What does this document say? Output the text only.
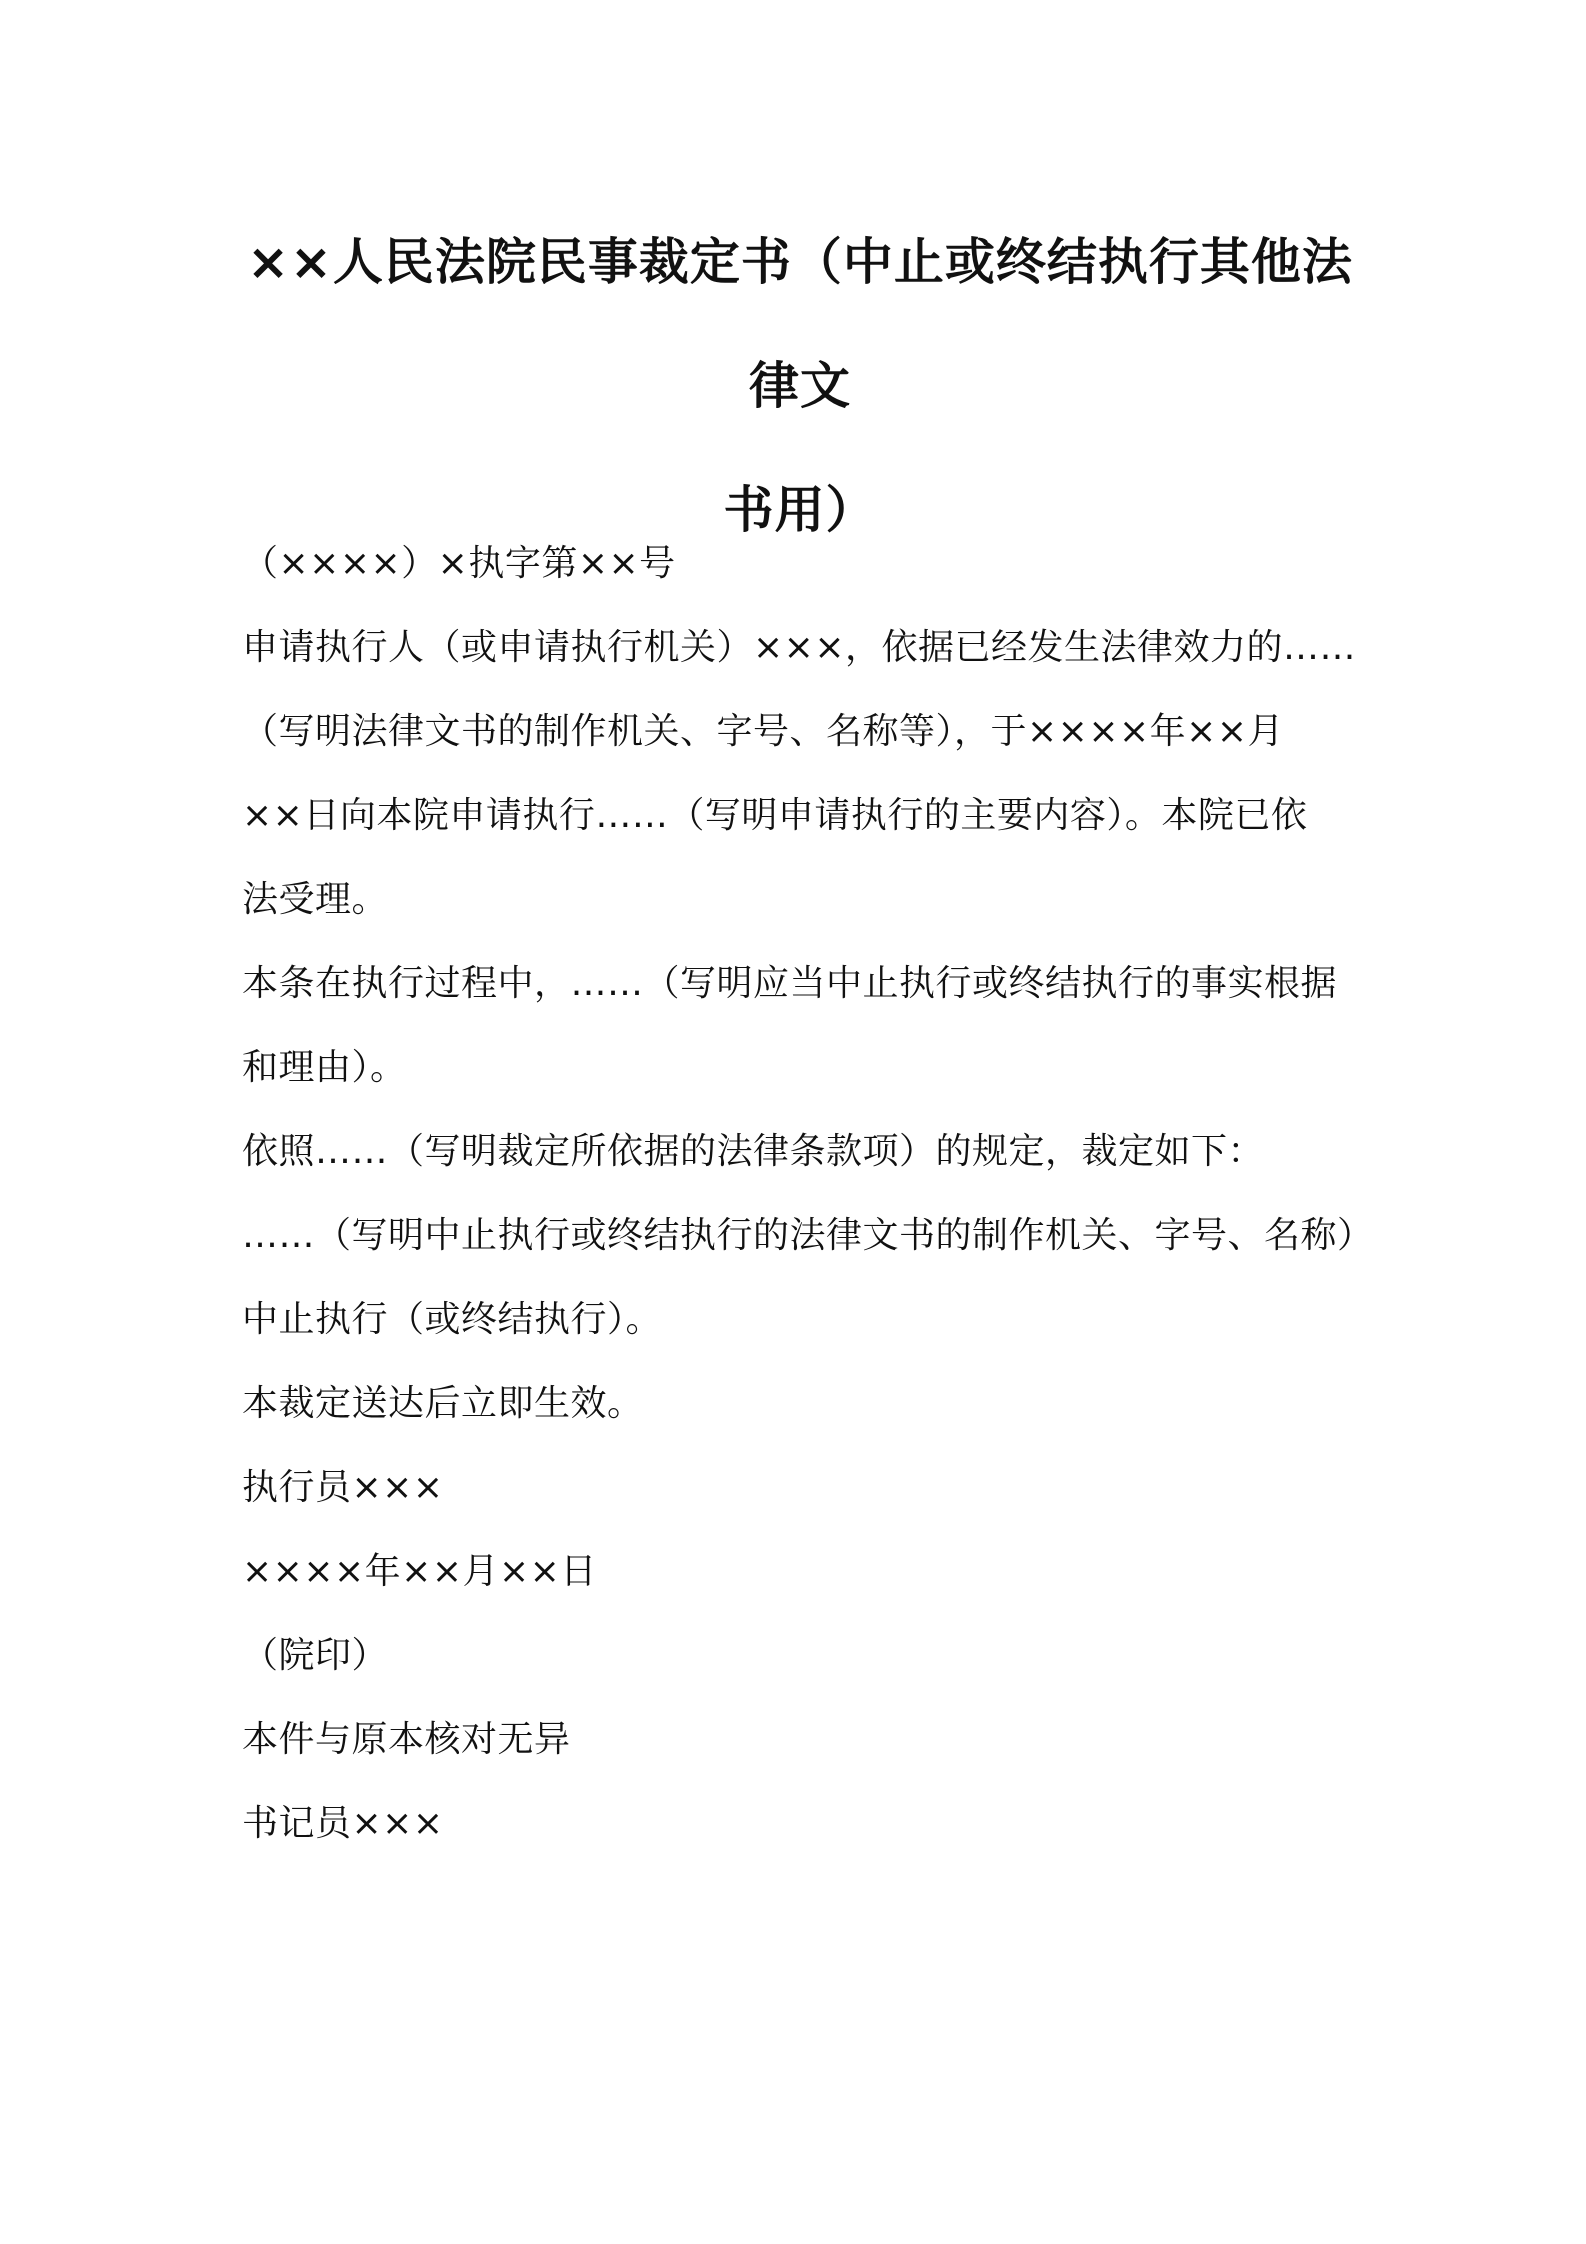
××人民法院民事裁定书（中止或终结执行其他法律文
书用）
（××××）×执字第××号
申请执行人（或申请执行机关）×××，依据已经发生法律效力的……
（写明法律文书的制作机关、字号、名称等），于××××年××月
××日向本院申请执行……（写明申请执行的主要内容）。本院已依
法受理。
本条在执行过程中，……（写明应当中止执行或终结执行的事实根据
和理由）。
依照……（写明裁定所依据的法律条款项）的规定，裁定如下：
……（写明中止执行或终结执行的法律文书的制作机关、字号、名称）
中止执行（或终结执行）。
本裁定送达后立即生效。
执行员×××
××××年××月××日
（院印）
本件与原本核对无异
书记员×××
